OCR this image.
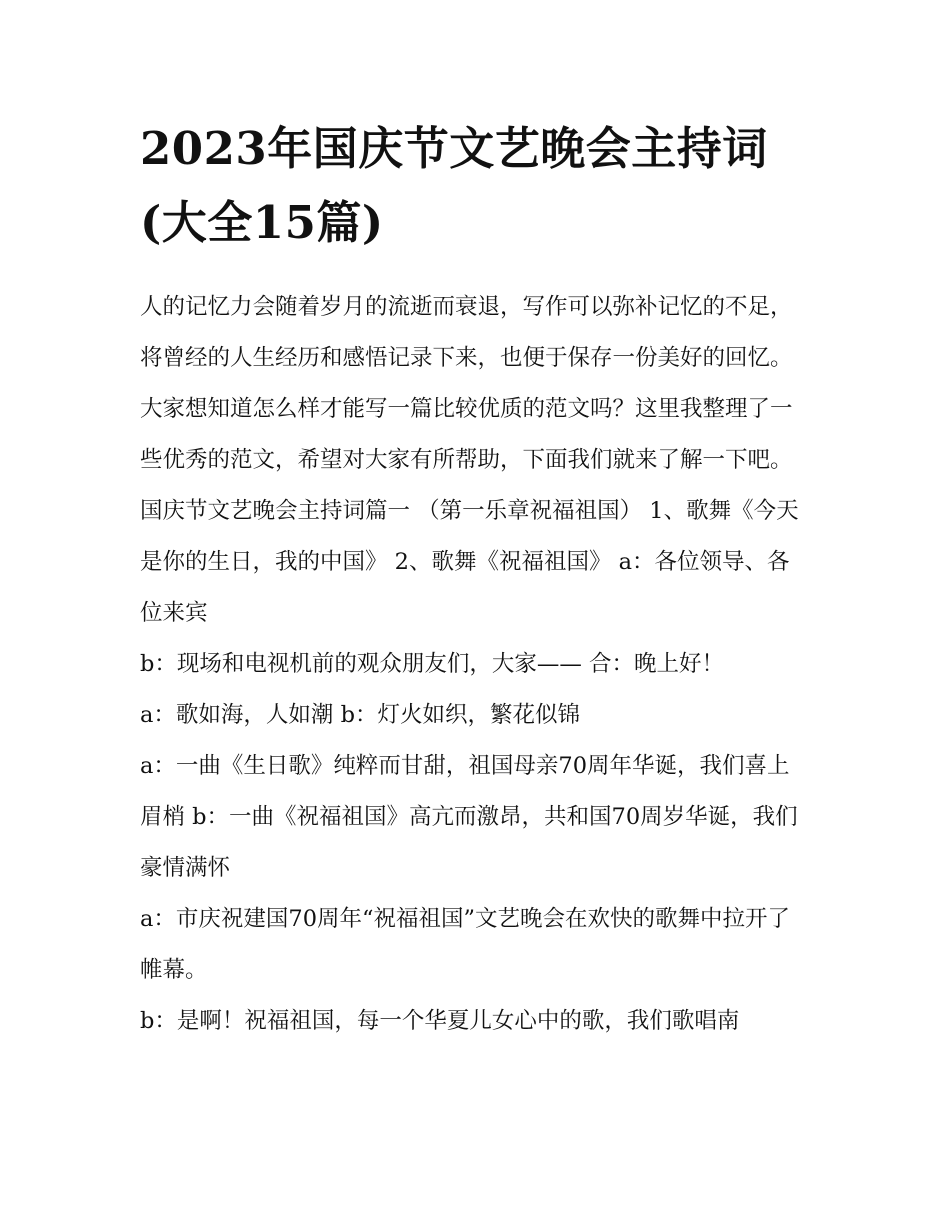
2023年国庆节文艺晚会主持词(大全15篇)

人的记忆力会随着岁月的流逝而衰退，写作可以弥补记忆的不足，将曾经的人生经历和感悟记录下来，也便于保存一份美好的回忆。大家想知道怎么样才能写一篇比较优质的范文吗？这里我整理了一些优秀的范文，希望对大家有所帮助，下面我们就来了解一下吧。

国庆节文艺晚会主持词篇一 （第一乐章祝福祖国） 1、歌舞《今天是你的生日，我的中国》 2、歌舞《祝福祖国》 a：各位领导、各位来宾

b：现场和电视机前的观众朋友们，大家—— 合：晚上好！

a：歌如海，人如潮 b：灯火如织，繁花似锦

a：一曲《生日歌》纯粹而甘甜，祖国母亲70周年华诞，我们喜上眉梢 b：一曲《祝福祖国》高亢而激昂，共和国70周岁华诞，我们豪情满怀

a：市庆祝建国70周年“祝福祖国”文艺晚会在欢快的歌舞中拉开了帷幕。

b：是啊！祝福祖国，每一个华夏儿女心中的歌，我们歌唱南
